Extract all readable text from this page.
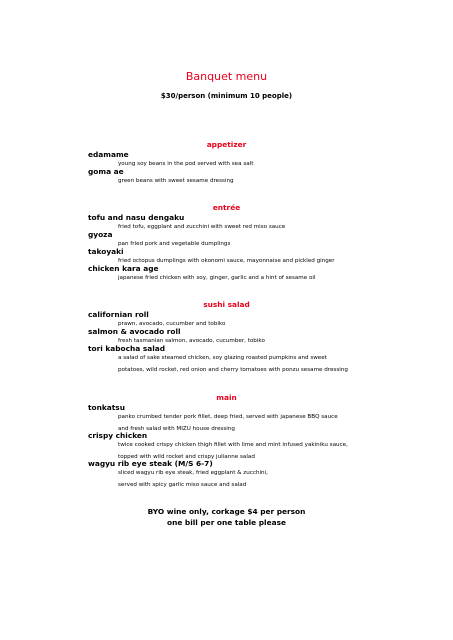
Banquet menu
$30/person (minimum 10 people)
appetizer
edamame
young soy beans in the pod served with sea salt
goma ae
green beans with sweet sesame dressing
entrée
tofu and nasu dengaku
fried tofu, eggplant and zucchini with sweet red miso sauce
gyoza
pan fried pork and vegetable dumplings
takoyaki
fried octopus dumplings with okonomi sauce, mayonnaise and pickled ginger
chicken kara age
japanese fried chicken with soy, ginger, garlic and a hint of sesame oil
sushi salad
californian roll
prawn, avocado, cucumber and tobiko
salmon & avocado roll
fresh tasmanian salmon, avocado, cucumber, tobiko
tori kabocha salad
a salad of sake steamed chicken, soy glazing roasted pumpkins and sweet
potatoes, wild rocket, red onion and cherry tomatoes with ponzu sesame dressing
main
tonkatsu
panko crumbed tender pork fillet, deep fried, served with japanese BBQ sauce
and fresh salad with MIZU house dressing
crispy chicken
twice cooked crispy chicken thigh fillet with lime and mint infused yakiniku sauce,
topped with wild rocket and crispy julianne salad
wagyu rib eye steak (M/S 6-7)
sliced wagyu rib eye steak, fried eggplant & zucchini,
served with spicy garlic miso sauce and salad
BYO wine only, corkage $4 per person
one bill per one table please
